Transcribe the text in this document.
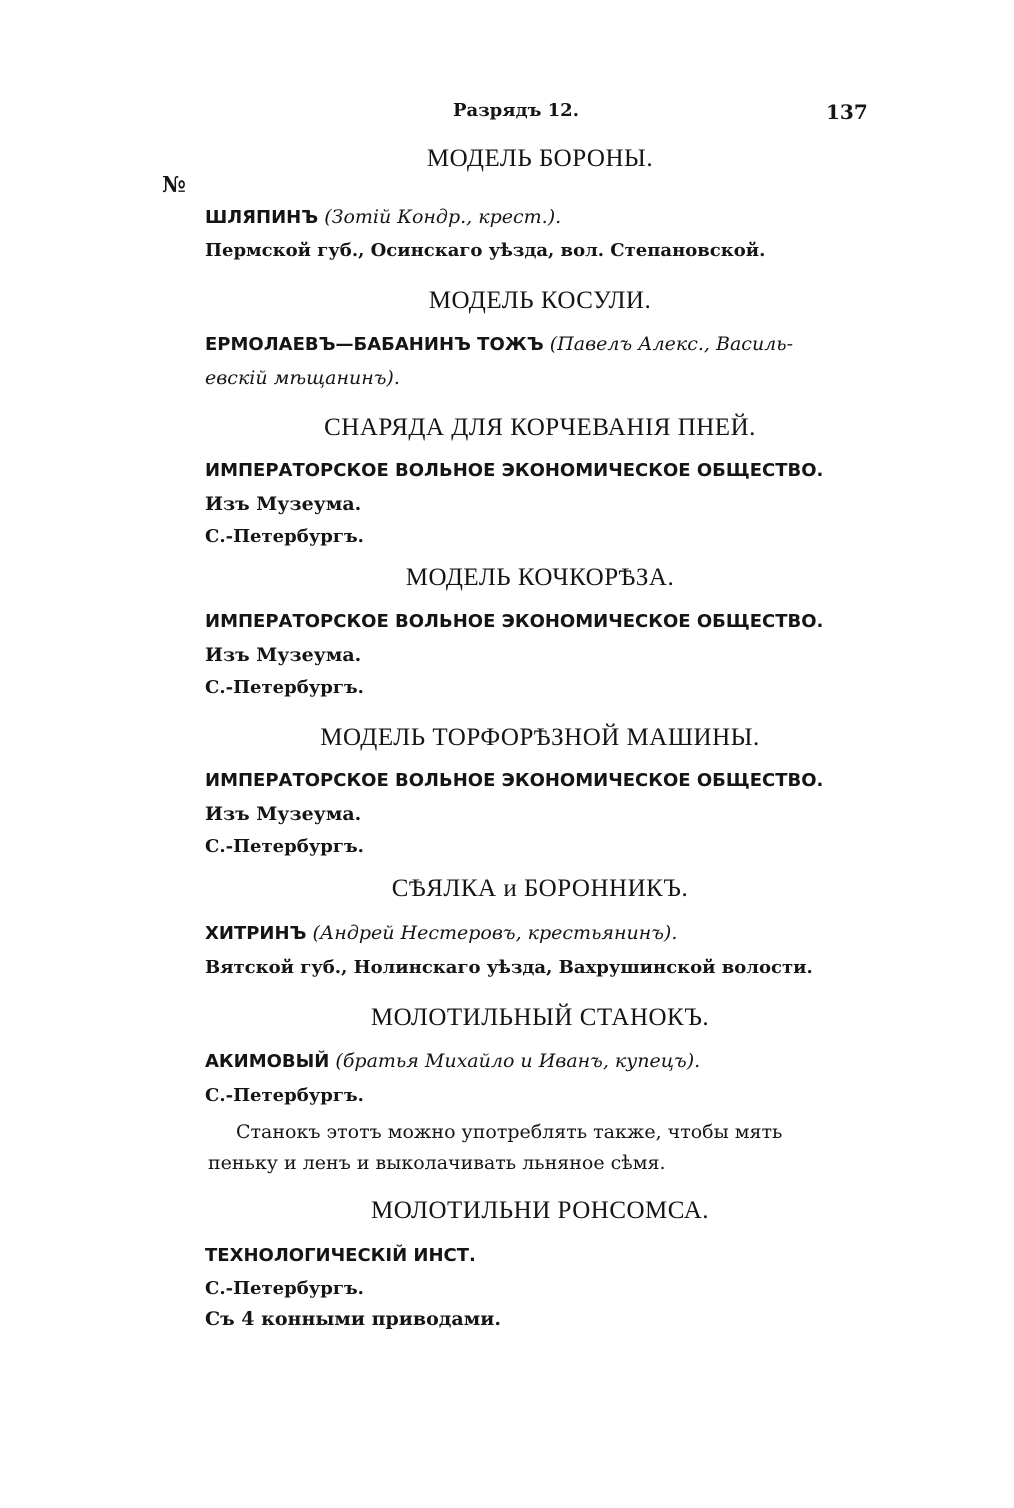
Разрядъ 12.	137
МОДЕЛЬ БОРОНЫ.
№
ШЛЯПИНЪ (Зотій Кондр., крест.).
Пермской губ., Осинскаго уѣзда, вол. Степановской.
МОДЕЛЬ КОСУЛИ.
ЕРМОЛАЕВЪ—БАБАНИНЪ ТОЖЪ (Павелъ Алекс., Василь-
евскій мѣщанинъ).
СНАРЯДА ДЛЯ КОРЧЕВАНІЯ ПНЕЙ.
ИМПЕРАТОРСКОЕ ВОЛЬНОЕ ЭКОНОМИЧЕСКОЕ ОБЩЕСТВО.
Изъ Музеума.
С.-Петербургъ.
МОДЕЛЬ КОЧКОРѢЗА.
ИМПЕРАТОРСКОЕ ВОЛЬНОЕ ЭКОНОМИЧЕСКОЕ ОБЩЕСТВО.
Изъ Музеума.
С.-Петербургъ.
МОДЕЛЬ ТОРФОРѢЗНОЙ МАШИНЫ.
ИМПЕРАТОРСКОЕ ВОЛЬНОЕ ЭКОНОМИЧЕСКОЕ ОБЩЕСТВО.
Изъ Музеума.
С.-Петербургъ.
СѢЯЛКА и БОРОННИКЪ.
ХИТРИНЪ (Андрей Нестеровъ, крестьянинъ).
Вятской губ., Нолинскаго уѣзда, Вахрушинской волости.
МОЛОТИЛЬНЫЙ СТАНОКЪ.
АКИМОВЫЙ (братья Михайло и Иванъ, купецъ).
С.-Петербургъ.
Станокъ этотъ можно употреблять также, чтобы мять
пеньку и ленъ и выколачивать льняное сѣмя.
МОЛОТИЛЬНИ РОНСОМСА.
ТЕХНОЛОГИЧЕСКІЙ ИНСТ.
С.-Петербургъ.
Съ 4 конными приводами.
